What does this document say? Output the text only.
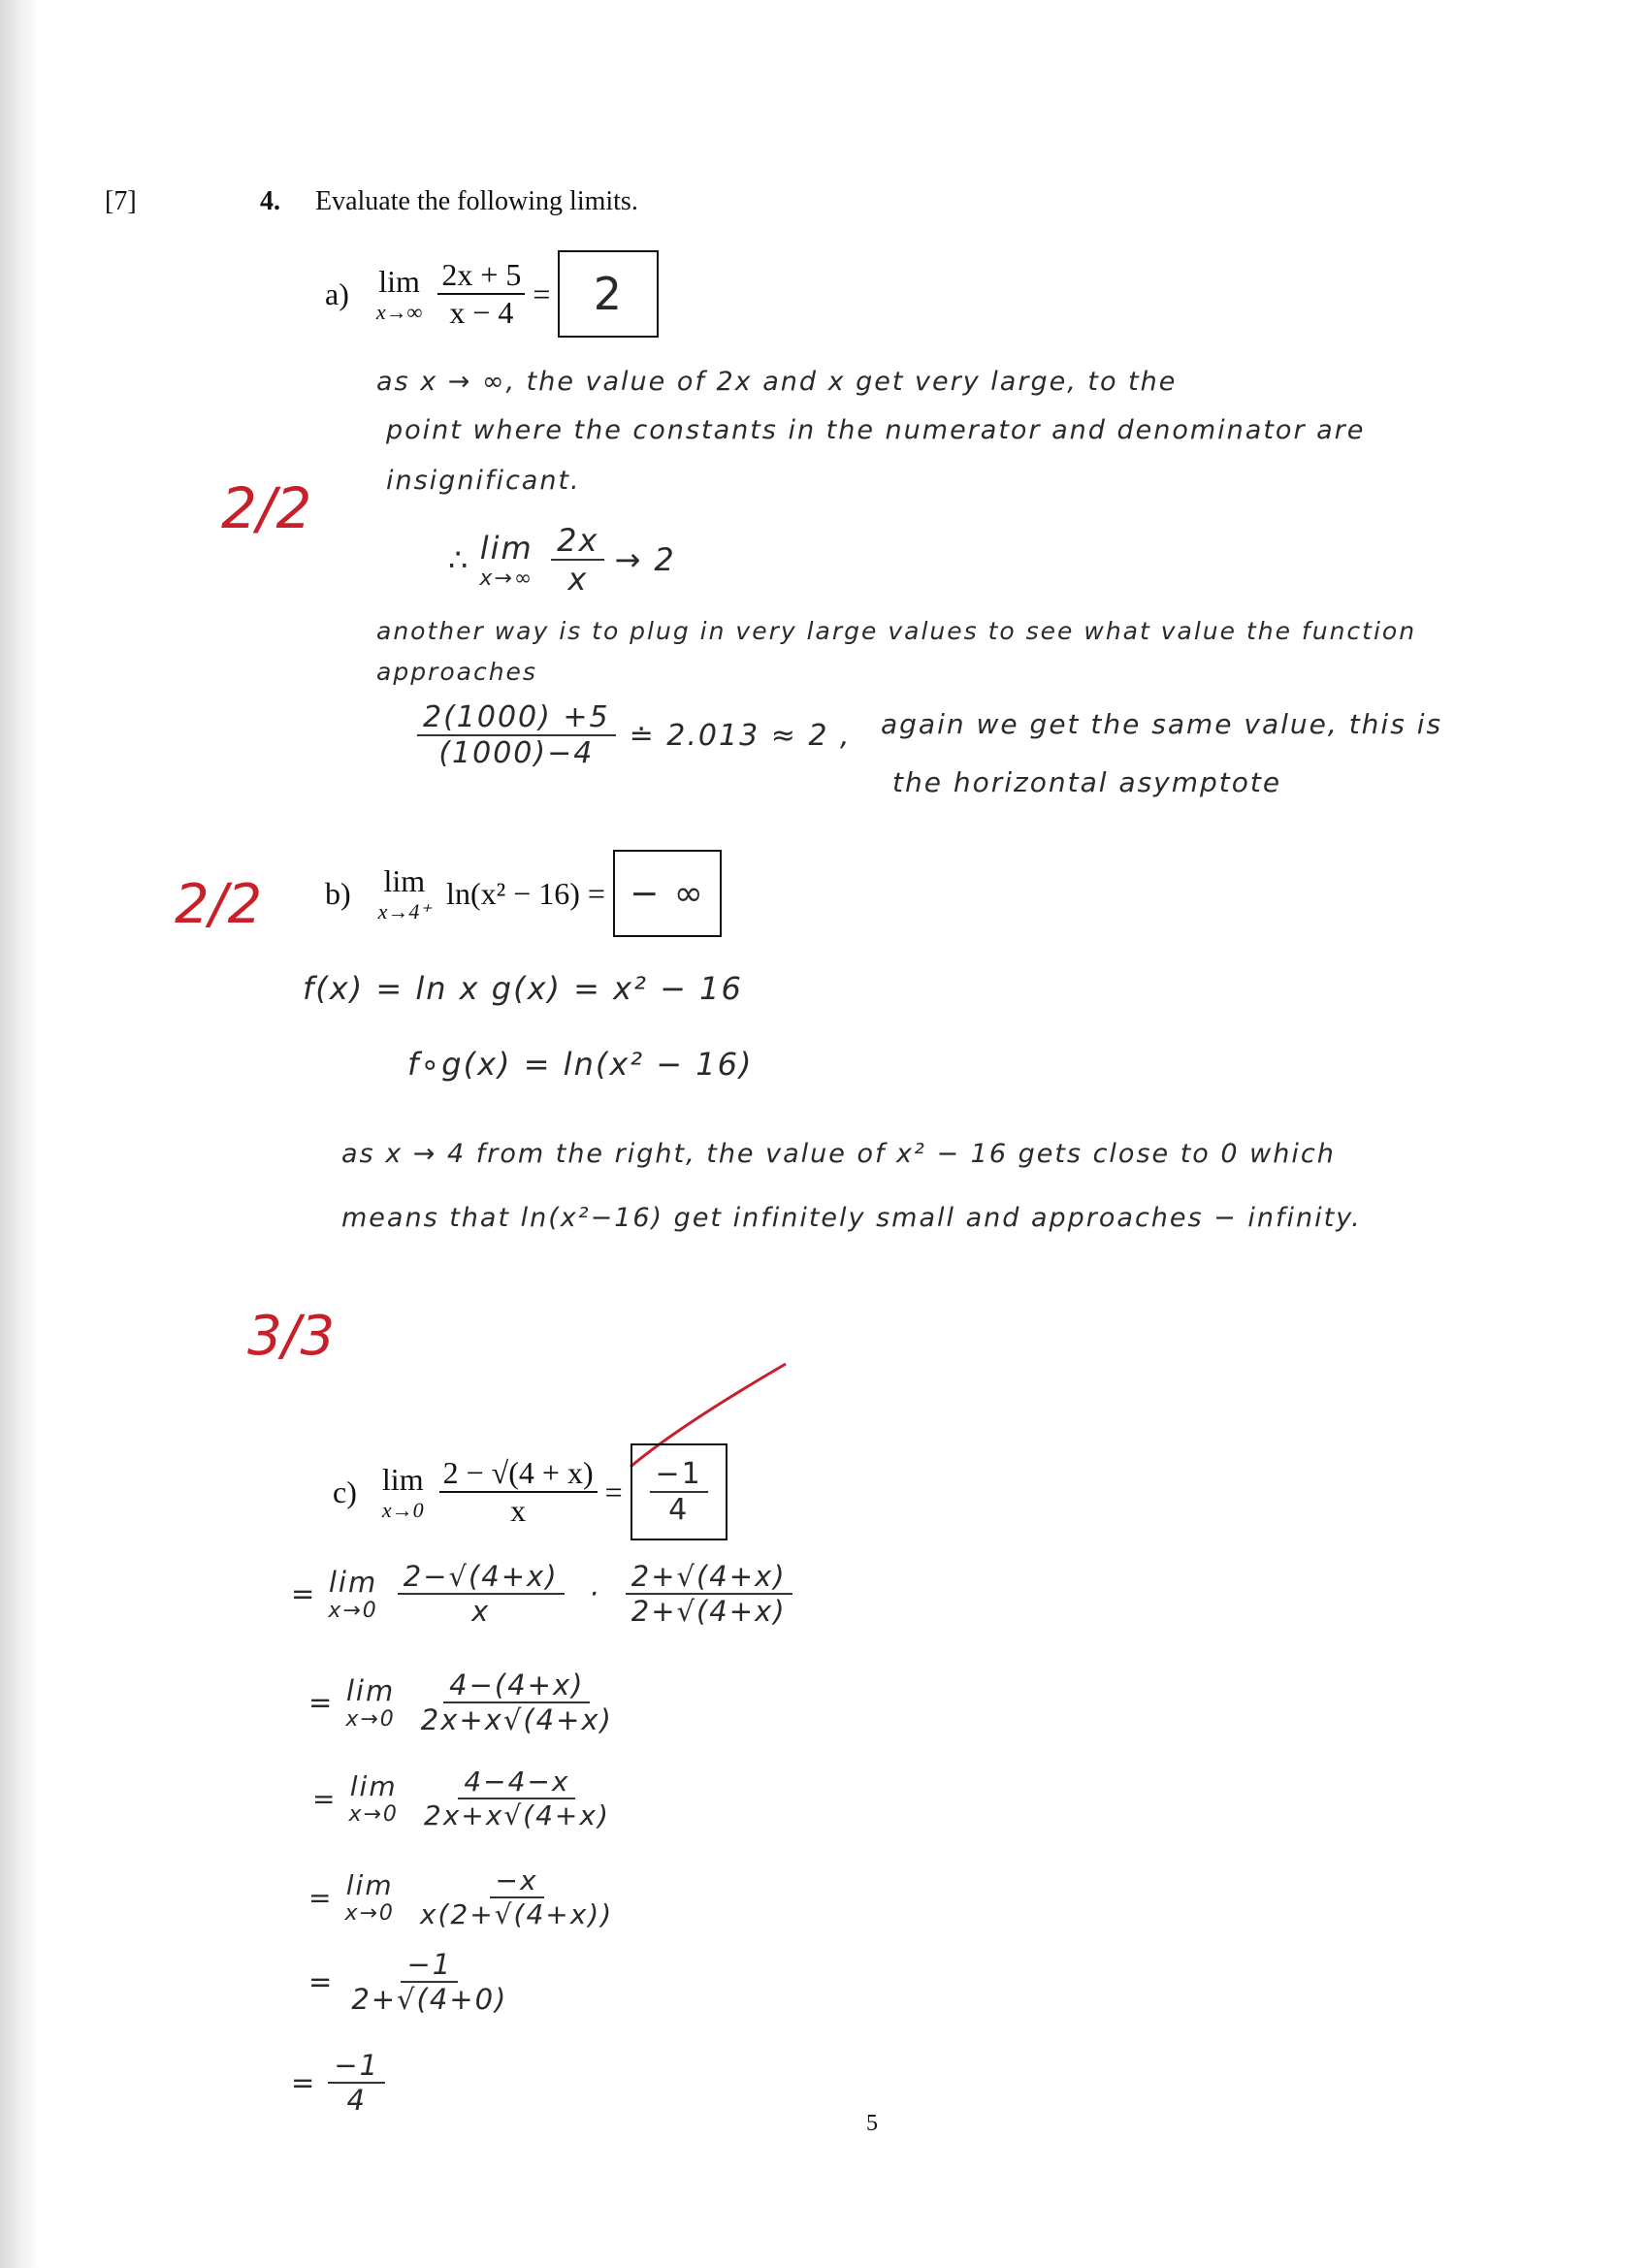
[7]	4. Evaluate the following limits.
a) lim
$x\to\infty \frac{2x + 5}{x - 4} = 2$
2/2
as x → ∞, the value of 2x and x get very large, to the
point where the constants in the numerator and denominator are
insignificant.
∴ lim
$x\to\infty \frac{2x}{x} \to 2$
another way is to plug in very large values to see what value the function
approaches
$\frac{2(1000) +5}{(1000)-4}$ ≐ 2.013 ≈ 2 , again we get the same value, this is
the horizontal asymptote
b) lim
x→4⁺
ln(x² − 16) = − ∞
2/2
f(x) = ln x g(x) = x² − 16
f∘g(x) = ln(x² − 16)
as x → 4 from the right, the value of x² − 16 gets close to 0 which
means that ln(x²−16) get infinitely small and approaches − infinity.
3/3
c) lim
$x\to 0 \frac{2 - √(4 + x)}{x} = \frac{-1}{4}$
= lim
$x\to 0 \frac{2-√(4+x)}{x} \cdot \frac{2+√(4+x)}{2+√(4+x)}$
= lim
$x\to 0 \frac{4-(4+x)}{2x+x√(4+x)}$
= lim
$x\to 0 \frac{4-4-x}{2x+x√(4+x)}$
= lim
$x\to 0 \frac{-x}{x(2+√(4+x))}$
= $\frac{-1}{2+√(4+0)}$
= $\frac{-1}{4}$
5
